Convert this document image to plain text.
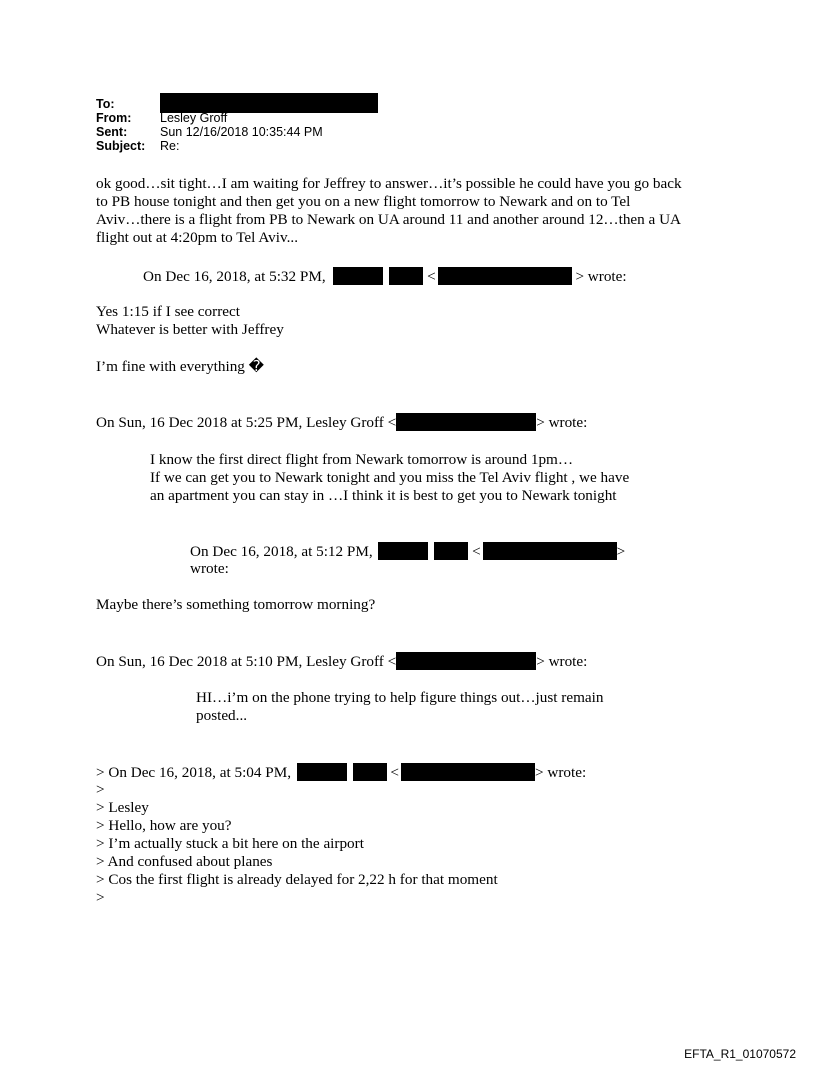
To:
From: Lesley Groff
Sent:	Sun 12/16/2018 10:35:44 PM
Subject: Re:
ok good…sit tight…I am waiting for Jeffrey to answer…it’s possible he could have you go back
to PB house tonight and then get you on a new flight tomorrow to Newark and on to Tel
Aviv…there is a flight from PB to Newark on UA around 11 and another around 12…then a UA
flight out at 4:20pm to Tel Aviv...
On Dec 16, 2018, at 5:32 PM,	<	> wrote:
Yes 1:15 if I see correct
Whatever is better with Jeffrey
I’m fine with everything �
On Sun, 16 Dec 2018 at 5:25 PM, Lesley Groff <	> wrote:
I know the first direct flight from Newark tomorrow is around 1pm…
If we can get you to Newark tonight and you miss the Tel Aviv flight , we have
an apartment you can stay in …I think it is best to get you to Newark tonight
On Dec 16, 2018, at 5:12 PM,	<	>
wrote:
Maybe there’s something tomorrow morning?
On Sun, 16 Dec 2018 at 5:10 PM, Lesley Groff <	> wrote:
HI…i’m on the phone trying to help figure things out…just remain
posted...
> On Dec 16, 2018, at 5:04 PM,	<	> wrote:
>
> Lesley
> Hello, how are you?
> I’m actually stuck a bit here on the airport
> And confused about planes
> Cos the first flight is already delayed for 2,22 h for that moment
>
EFTA_R1_01070572
